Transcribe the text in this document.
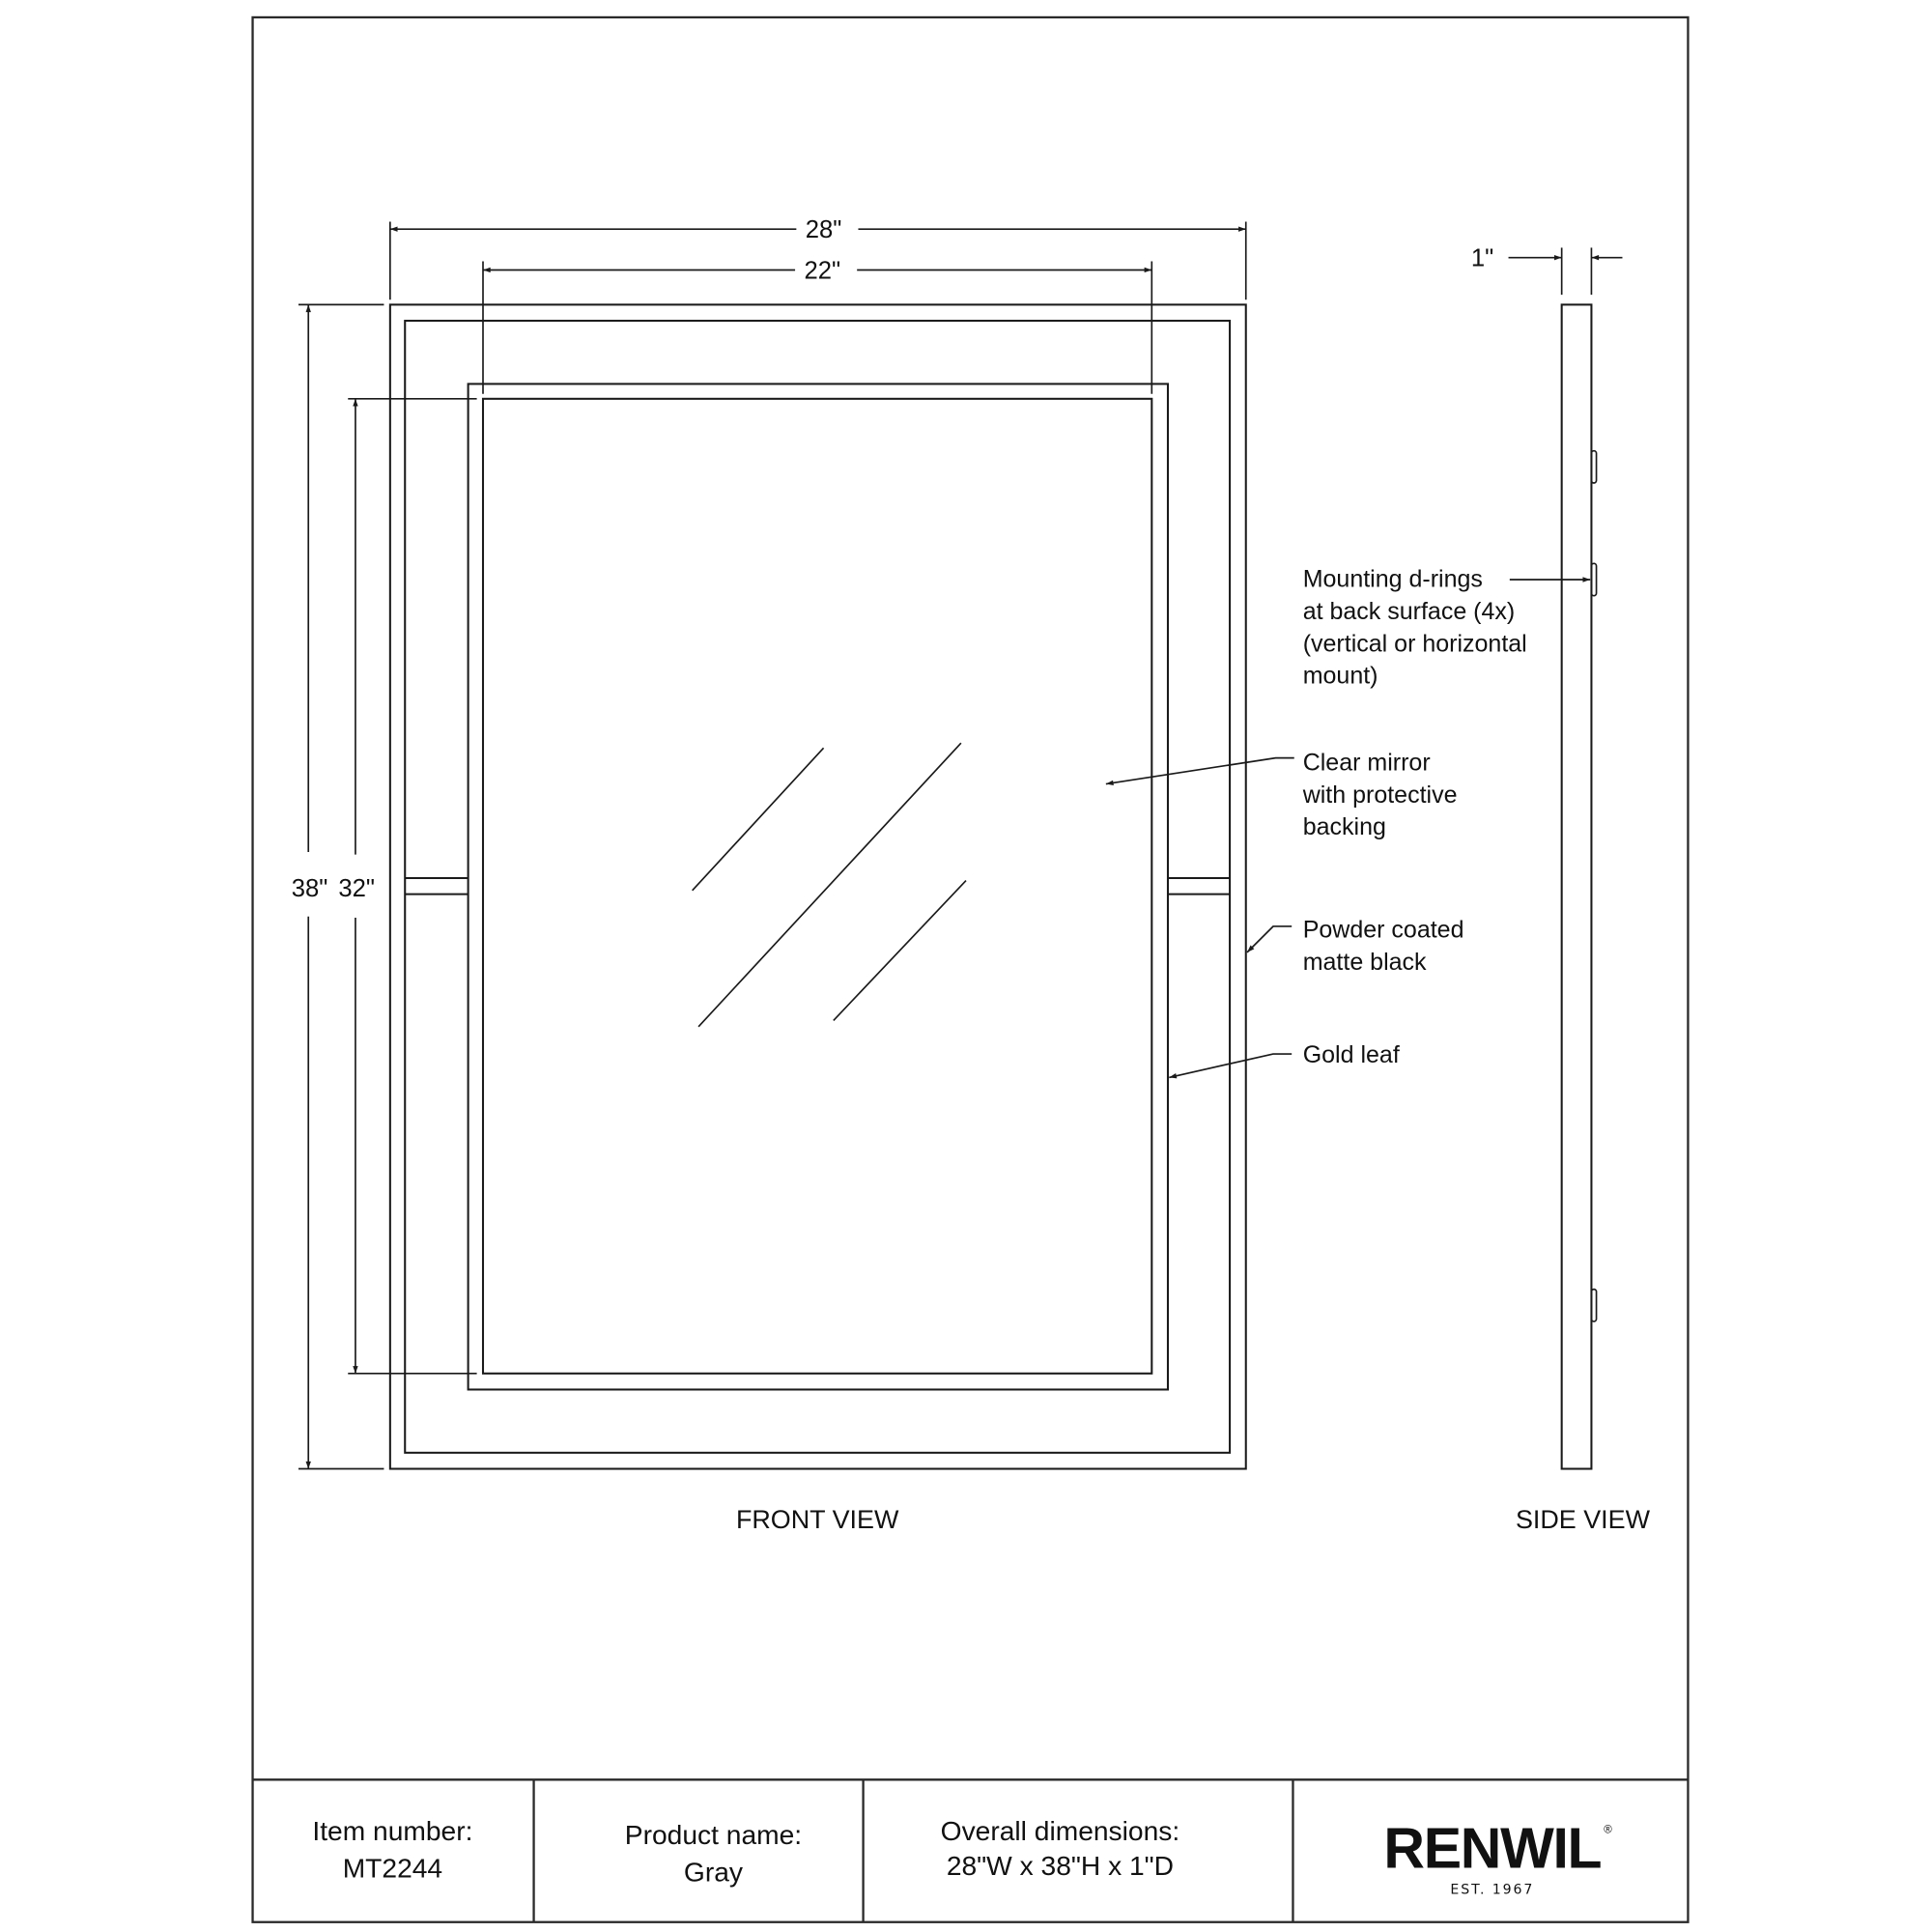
28"
22"
38" 32"
FRONT VIEW
1"
SIDE VIEW
Mounting d-rings
at back surface (4x)
(vertical or horizontal
mount)
Clear mirror
with protective
backing
Powder coated
matte black
Gold leaf
Item number:
MT2244
Product name:
Gray
Overall dimensions:
28"W x 38"H x 1"D	RENWIL ®
EST. 1967
